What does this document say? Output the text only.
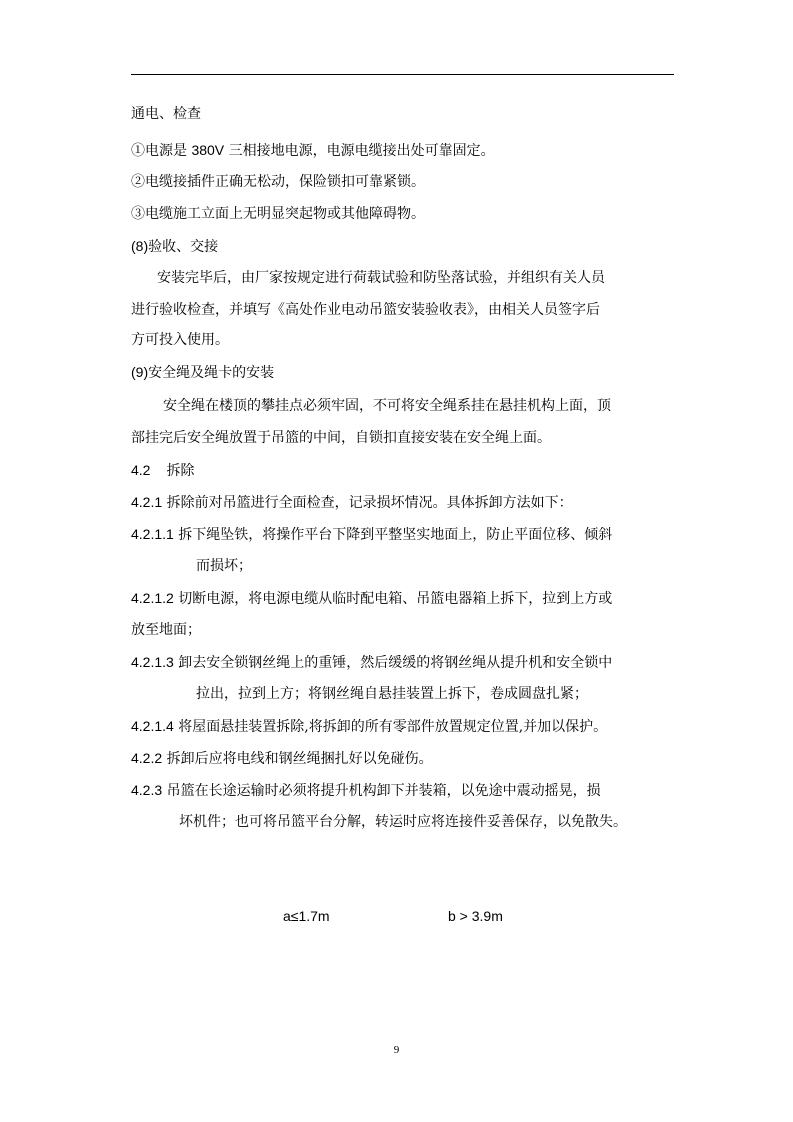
通电、检查
①电源是 380V 三相接地电源，电源电缆接出处可靠固定。
②电缆接插件正确无松动，保险锁扣可靠紧锁。
③电缆施工立面上无明显突起物或其他障碍物。
(8)验收、交接
安装完毕后，由厂家按规定进行荷载试验和防坠落试验，并组织有关人员
进行验收检查，并填写《高处作业电动吊篮安装验收表》，由相关人员签字后
方可投入使用。
(9)安全绳及绳卡的安装
安全绳在楼顶的攀挂点必须牢固，不可将安全绳系挂在悬挂机构上面，顶
部挂完后安全绳放置于吊篮的中间，自锁扣直接安装在安全绳上面。
4.2 拆除
4.2.1 拆除前对吊篮进行全面检查，记录损坏情况。具体拆卸方法如下：
4.2.1.1 拆下绳坠铁，将操作平台下降到平整坚实地面上，防止平面位移、倾斜
而损坏；
4.2.1.2 切断电源，将电源电缆从临时配电箱、吊篮电器箱上拆下，拉到上方或
放至地面；
4.2.1.3 卸去安全锁钢丝绳上的重锤，然后缓缓的将钢丝绳从提升机和安全锁中
拉出，拉到上方；将钢丝绳自悬挂装置上拆下，卷成圆盘扎紧；
4.2.1.4 将屋面悬挂装置拆除,将拆卸的所有零部件放置规定位置,并加以保护。
4.2.2 拆卸后应将电线和钢丝绳捆扎好以免碰伤。
4.2.3 吊篮在长途运输时必须将提升机构卸下并装箱，以免途中震动摇晃，损
坏机件；也可将吊篮平台分解，转运时应将连接件妥善保存，以免散失。
a≤1.7m	b > 3.9m
9
